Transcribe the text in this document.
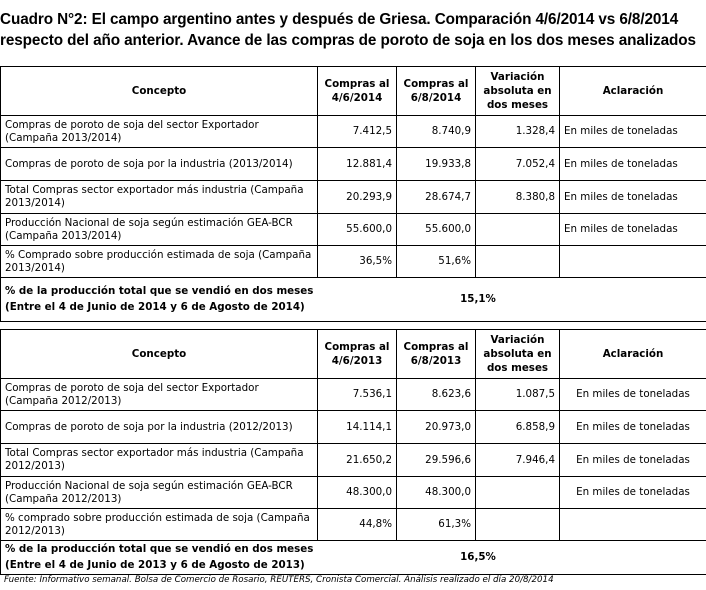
Cuadro N°2: El campo argentino antes y después de Griesa. Comparación 4/6/2014 vs 6/8/2014
respecto del año anterior. Avance de las compras de poroto de soja en los dos meses analizados
Concepto	Compras al 4/6/2014	Compras al 6/8/2014	Variación absoluta en dos meses	Aclaración
Compras de poroto de soja del sector Exportador (Campaña 2013/2014)	7.412,5	8.740,9	1.328,4	En miles de toneladas
Compras de poroto de soja por la industria (2013/2014)	12.881,4	19.933,8	7.052,4	En miles de toneladas
Total Compras sector exportador más industria (Campaña 2013/2014)	20.293,9	28.674,7	8.380,8	En miles de toneladas
Producción Nacional de soja según estimación GEA-BCR (Campaña 2013/2014)	55.600,0	55.600,0		En miles de toneladas
% Comprado sobre producción estimada de soja (Campaña 2013/2014)	36,5%	51,6%		

% de la producción total que se vendió en dos meses
(Entre el 4 de Junio de 2014 y 6 de Agosto de 2014)		15,1%		
Concepto	Compras al 4/6/2013	Compras al 6/8/2013	Variación absoluta en dos meses	Aclaración
Compras de poroto de soja del sector Exportador (Campaña 2012/2013)	7.536,1	8.623,6	1.087,5	En miles de toneladas
Compras de poroto de soja por la industria (2012/2013)	14.114,1	20.973,0	6.858,9	En miles de toneladas
Total Compras sector exportador más industria (Campaña 2012/2013)	21.650,2	29.596,6	7.946,4	En miles de toneladas
Producción Nacional de soja según estimación GEA-BCR (Campaña 2012/2013)	48.300,0	48.300,0		En miles de toneladas
% comprado sobre producción estimada de soja (Campaña 2012/2013)	44,8%	61,3%		

% de la producción total que se vendió en dos meses
(Entre el 4 de Junio de 2013 y 6 de Agosto de 2013)		16,5%		
Fuente: Informativo semanal. Bolsa de Comercio de Rosario, REUTERS, Cronista Comercial. Análisis realizado el día 20/8/2014
